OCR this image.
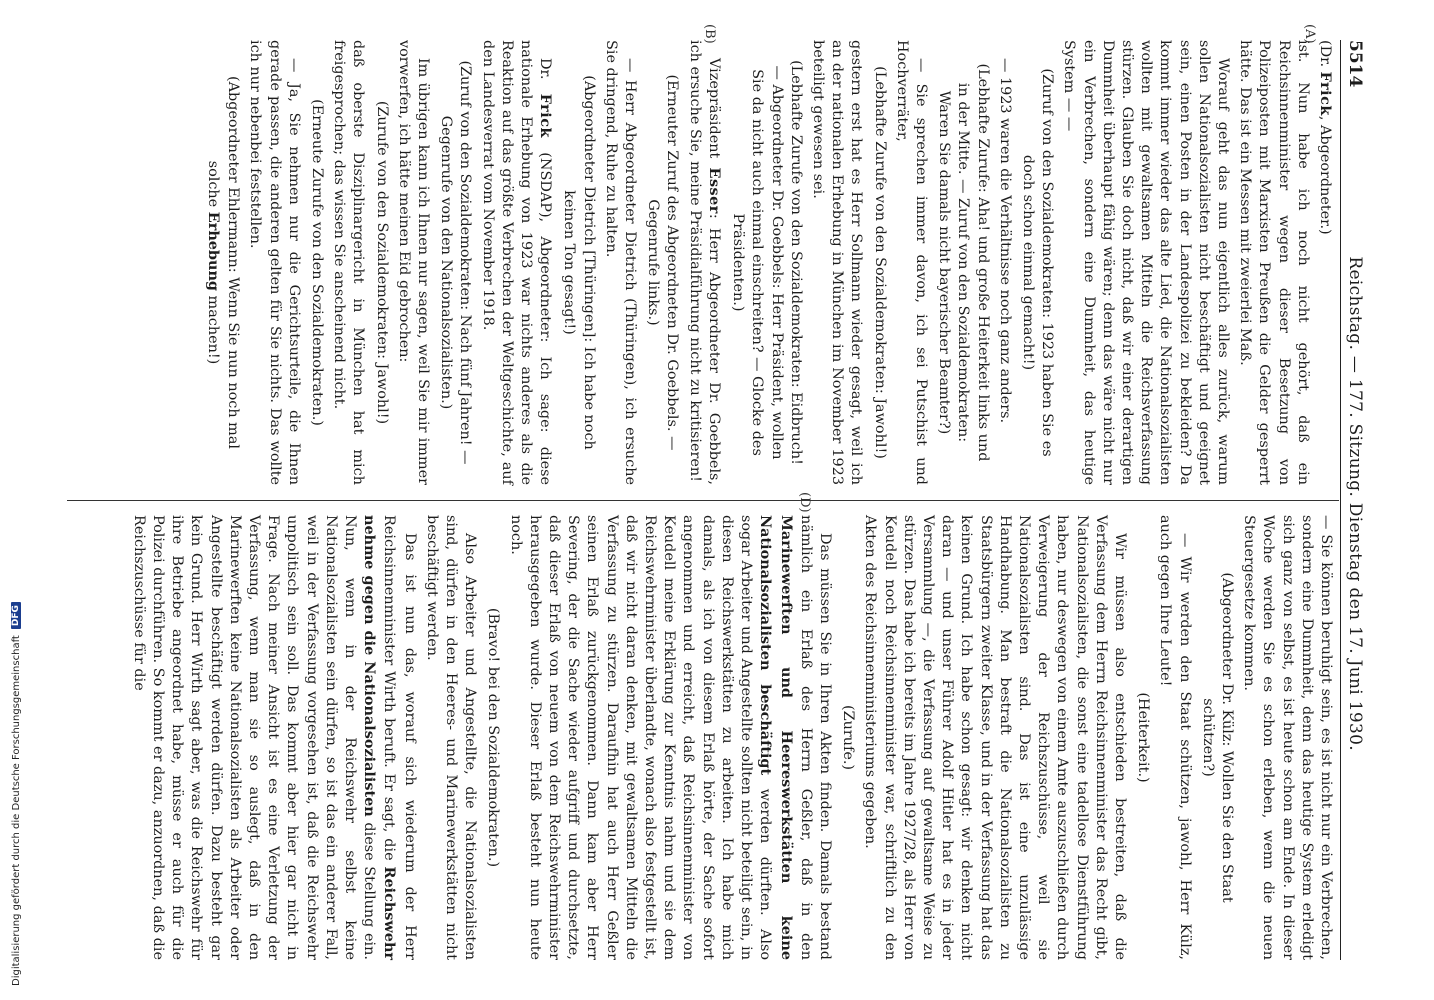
Digitalisierung gefördert durch die Deutsche Forschungsgemeinschaft
DFG
5514
Reichstag. — 177. Sitzung. Dienstag den 17. Juni 1930.
(A)
(B)
(D)

(Dr. Frick, Abgeordneter.)

ist. Nun habe ich noch nicht gehört, daß ein Reichsinnenminister wegen dieser Besetzung von Polizeiposten mit Marxisten Preußen die Gelder gesperrt hätte. Das ist ein Messen mit zweierlei Maß.

Worauf geht das nun eigentlich alles zurück, warum sollen Nationalsozialisten nicht beschäftigt und geeignet sein, einen Posten in der Landespolizei zu bekleiden? Da kommt immer wieder das alte Lied, die Nationalsozialisten wollten mit gewaltsamen Mitteln die Reichsverfassung stürzen. Glauben Sie doch nicht, daß wir einer derartigen Dummheit überhaupt fähig wären; denn das wäre nicht nur ein Verbrechen, sondern eine Dummheit, das heutige System — —

(Zuruf von den Sozialdemokraten: 1923 haben Sie es doch schon einmal gemacht!)

— 1923 waren die Verhältnisse noch ganz anders.

(Lebhafte Zurufe: Aha! und große Heiterkeit links und in der Mitte. — Zuruf von den Sozialdemokraten: Waren Sie damals nicht bayerischer Beamter?)

— Sie sprechen immer davon, ich sei Putschist und Hochverräter,

(Lebhafte Zurufe von den Sozialdemokraten: Jawohl!)

gestern erst hat es Herr Sollmann wieder gesagt, weil ich an der nationalen Erhebung in München im November 1923 beteiligt gewesen sei.

(Lebhafte Zurufe von den Sozialdemokraten: Eidbruch! — Abgeordneter Dr. Goebbels: Herr Präsident, wollen Sie da nicht auch einmal einschreiten? — Glocke des Präsidenten.)

Vizepräsident Esser: Herr Abgeordneter Dr. Goebbels, ich ersuche Sie, meine Präsidialführung nicht zu kritisieren!

(Erneuter Zuruf des Abgeordneten Dr. Goebbels. — Gegenrufe links.)

— Herr Abgeordneter Dietrich (Thüringen), ich ersuche Sie dringend, Ruhe zu halten.

(Abgeordneter Dietrich [Thüringen]: Ich habe noch keinen Ton gesagt!)

Dr. Frick (NSDAP), Abgeordneter: Ich sage: diese nationale Erhebung von 1923 war nichts anderes als die Reaktion auf das größte Verbrechen der Weltgeschichte, auf den Landesverrat vom November 1918.

(Zuruf von den Sozialdemokraten: Nach fünf Jahren! — Gegenrufe von den Nationalsozialisten.)

Im übrigen kann ich Ihnen nur sagen, weil Sie mir immer vorwerfen, ich hätte meinen Eid gebrochen:

(Zurufe von den Sozialdemokraten: Jawohl!)

daß oberste Disziplinargericht in München hat mich freigesprochen; das wissen Sie anscheinend nicht.

(Erneute Zurufe von den Sozialdemokraten.)

— Ja, Sie nehmen nur die Gerichtsurteile, die Ihnen gerade passen, die anderen gelten für Sie nichts. Das wollte ich nur nebenbei feststellen.

(Abgeordneter Ehlermann: Wenn Sie nun noch mal solche Erhebung machen!)

— Sie können beruhigt sein, es ist nicht nur ein Verbrechen, sondern eine Dummheit, denn das heutige System erledigt sich ganz von selbst, es ist heute schon am Ende. In dieser Woche werden Sie es schon erleben, wenn die neuen Steuergesetze kommen.

(Abgeordneter Dr. Külz: Wollen Sie den Staat schützen?)

— Wir werden den Staat schützen, jawohl, Herr Külz, auch gegen Ihre Leute!

(Heiterkeit.)

Wir müssen also entschieden bestreiten, daß die Verfassung dem Herrn Reichsinnenminister das Recht gibt, Nationalsozialisten, die sonst eine tadellose Dienstführung haben, nur deswegen von einem Amte auszuschließen durch Verweigerung der Reichszuschüsse, weil sie Nationalsozialisten sind. Das ist eine unzulässige Handhabung. Man bestraft die Nationalsozialisten zu Staatsbürgern zweiter Klasse, und in der Verfassung hat das keinen Grund. Ich habe schon gesagt: wir denken nicht daran — und unser Führer Adolf Hitler hat es in jeder Versammlung —, die Verfassung auf gewaltsame Weise zu stürzen. Das habe ich bereits im Jahre 1927/28, als Herr von Keudell noch Reichsinnenminister war, schriftlich zu den Akten des Reichsinnenministeriums gegeben.

(Zurufe.)

Das müssen Sie in Ihren Akten finden. Damals bestand nämlich ein Erlaß des Herrn Geßler, daß in den Marinewerften und Heereswerkstätten keine Nationalsozialisten beschäftigt werden dürften. Also sogar Arbeiter und Angestellte sollten nicht beteiligt sein, in diesen Reichswerkstätten zu arbeiten. Ich habe mich damals, als ich von diesem Erlaß hörte, der Sache sofort angenommen und erreicht, daß Reichsinnenminister von Keudell meine Erklärung zur Kenntnis nahm und sie dem Reichswehrminister überlandte, wonach also festgestellt ist, daß wir nicht daran denken, mit gewaltsamen Mitteln die Verfassung zu stürzen. Daraufhin hat auch Herr Geßler seinen Erlaß zurückgenommen. Dann kam aber Herr Severing, der die Sache wieder aufgriff und durchsetzte, daß dieser Erlaß von neuem von dem Reichswehrminister herausgegeben wurde. Dieser Erlaß besteht nun heute noch.

(Bravo! bei den Sozialdemokraten.)

Also Arbeiter und Angestellte, die Nationalsozialisten sind, dürfen in den Heeres- und Marinewerkstätten nicht beschäftigt werden.

Das ist nun das, worauf sich wiederum der Herr Reichsinnenminister Wirth beruft. Er sagt, die Reichswehr nehme gegen die Nationalsozialisten diese Stellung ein. Nun, wenn in der Reichswehr selbst keine Nationalsozialisten sein dürfen, so ist das ein anderer Fall, weil in der Verfassung vorgesehen ist, daß die Reichswehr unpolitisch sein soll. Das kommt aber hier gar nicht in Frage. Nach meiner Ansicht ist es eine Verletzung der Verfassung, wenn man sie so auslegt, daß in den Marinewerften keine Nationalsozialisten als Arbeiter oder Angestellte beschäftigt werden dürfen. Dazu besteht gar kein Grund. Herr Wirth sagt aber, was die Reichswehr für ihre Betriebe angeordnet habe, müsse er auch für die Polizei durchführen. So kommt er dazu, anzuordnen, daß die Reichszuschüsse für die
